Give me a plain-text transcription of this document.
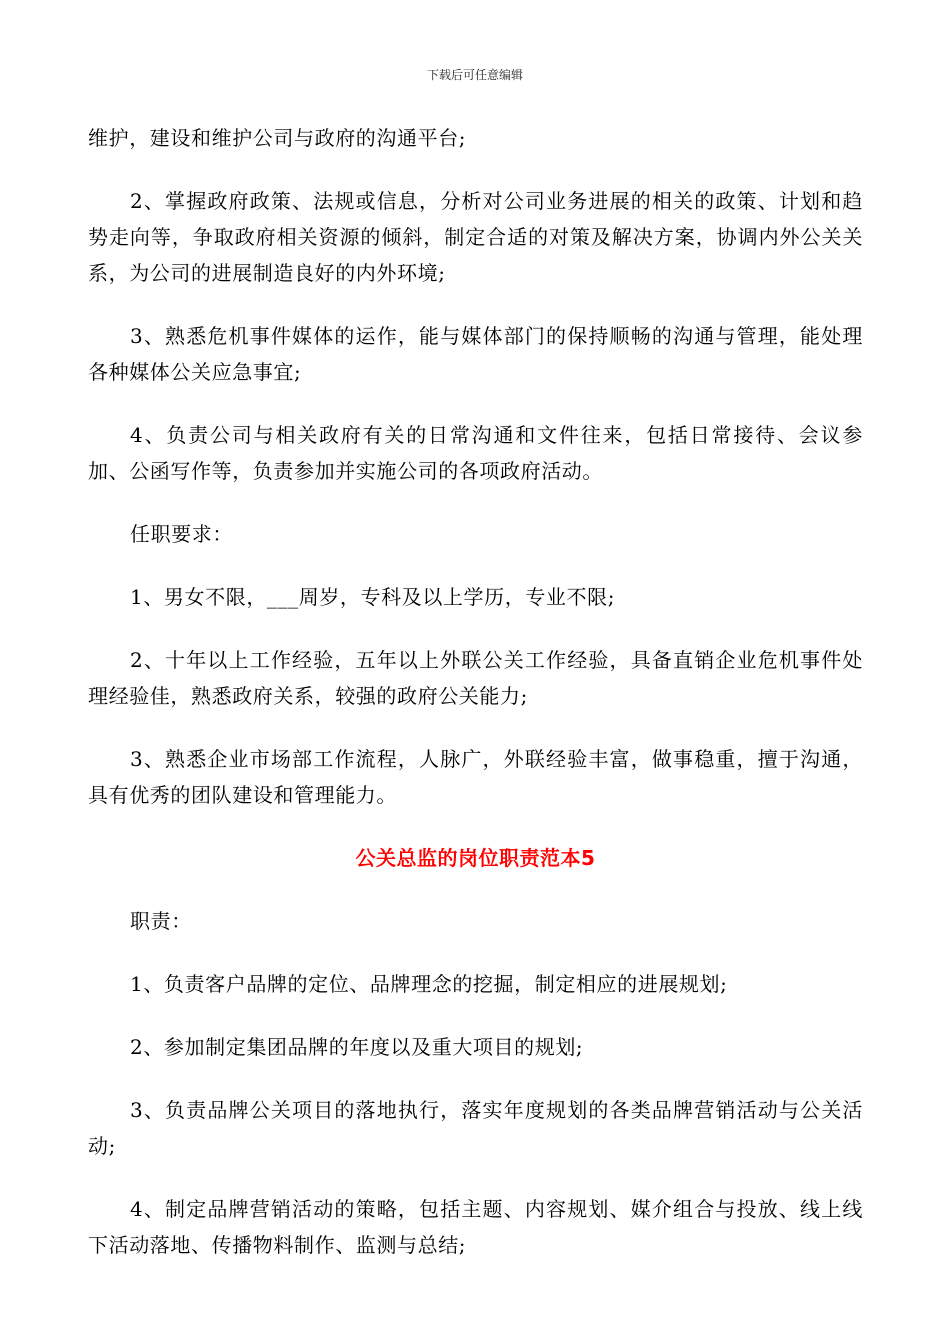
下载后可任意编辑

维护，建设和维护公司与政府的沟通平台;

2、掌握政府政策、法规或信息，分析对公司业务进展的相关的政策、计划和趋势走向等，争取政府相关资源的倾斜，制定合适的对策及解决方案，协调内外公关关系，为公司的进展制造良好的内外环境;

3、熟悉危机事件媒体的运作，能与媒体部门的保持顺畅的沟通与管理，能处理各种媒体公关应急事宜;

4、负责公司与相关政府有关的日常沟通和文件往来，包括日常接待、会议参加、公函写作等，负责参加并实施公司的各项政府活动。

任职要求：

1、男女不限，___周岁，专科及以上学历，专业不限;

2、十年以上工作经验，五年以上外联公关工作经验，具备直销企业危机事件处理经验佳，熟悉政府关系，较强的政府公关能力;

3、熟悉企业市场部工作流程，人脉广，外联经验丰富，做事稳重，擅于沟通，具有优秀的团队建设和管理能力。

公关总监的岗位职责范本5

职责：

1、负责客户品牌的定位、品牌理念的挖掘，制定相应的进展规划;

2、参加制定集团品牌的年度以及重大项目的规划;

3、负责品牌公关项目的落地执行，落实年度规划的各类品牌营销活动与公关活动;

4、制定品牌营销活动的策略，包括主题、内容规划、媒介组合与投放、线上线下活动落地、传播物料制作、监测与总结;
